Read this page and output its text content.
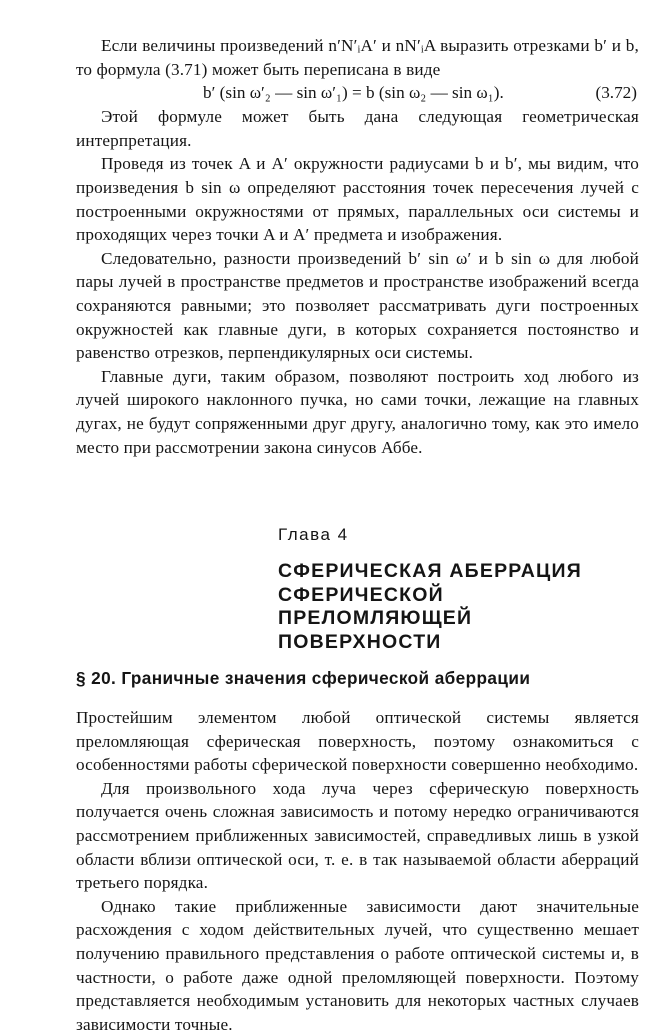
Если величины произведений n′N′ᵢA′ и nN′ᵢA выразить отрезками b′ и b, то формула (3.71) может быть переписана в виде

b′ (sin ω′₂ — sin ω′₁) = b (sin ω₂ — sin ω₁).	(3.72)

Этой формуле может быть дана следующая геометрическая интерпретация.

Проведя из точек A и A′ окружности радиусами b и b′, мы видим, что произведения b sin ω определяют расстояния точек пересечения лучей с построенными окружностями от прямых, параллельных оси системы и проходящих через точки A и A′ предмета и изображения.

Следовательно, разности произведений b′ sin ω′ и b sin ω для любой пары лучей в пространстве предметов и пространстве изображений всегда сохраняются равными; это позволяет рассматривать дуги построенных окружностей как главные дуги, в которых сохраняется постоянство и равенство отрезков, перпендикулярных оси системы.

Главные дуги, таким образом, позволяют построить ход любого из лучей широкого наклонного пучка, но сами точки, лежащие на главных дугах, не будут сопряженными друг другу, аналогично тому, как это имело место при рассмотрении закона синусов Аббе.

Глава 4
СФЕРИЧЕСКАЯ АБЕРРАЦИЯ
СФЕРИЧЕСКОЙ
ПРЕЛОМЛЯЮЩЕЙ
ПОВЕРХНОСТИ
§ 20. Граничные значения сферической аберрации

Простейшим элементом любой оптической системы является преломляющая сферическая поверхность, поэтому ознакомиться с особенностями работы сферической поверхности совершенно необходимо.

Для произвольного хода луча через сферическую поверхность получается очень сложная зависимость и потому нередко ограничиваются рассмотрением приближенных зависимостей, справедливых лишь в узкой области вблизи оптической оси, т. е. в так называемой области аберраций третьего порядка.

Однако такие приближенные зависимости дают значительные расхождения с ходом действительных лучей, что существенно мешает получению правильного представления о работе оптической системы и, в частности, о работе даже одной преломляющей поверхности. Поэтому представляется необходимым установить для некоторых частных случаев зависимости точные.
